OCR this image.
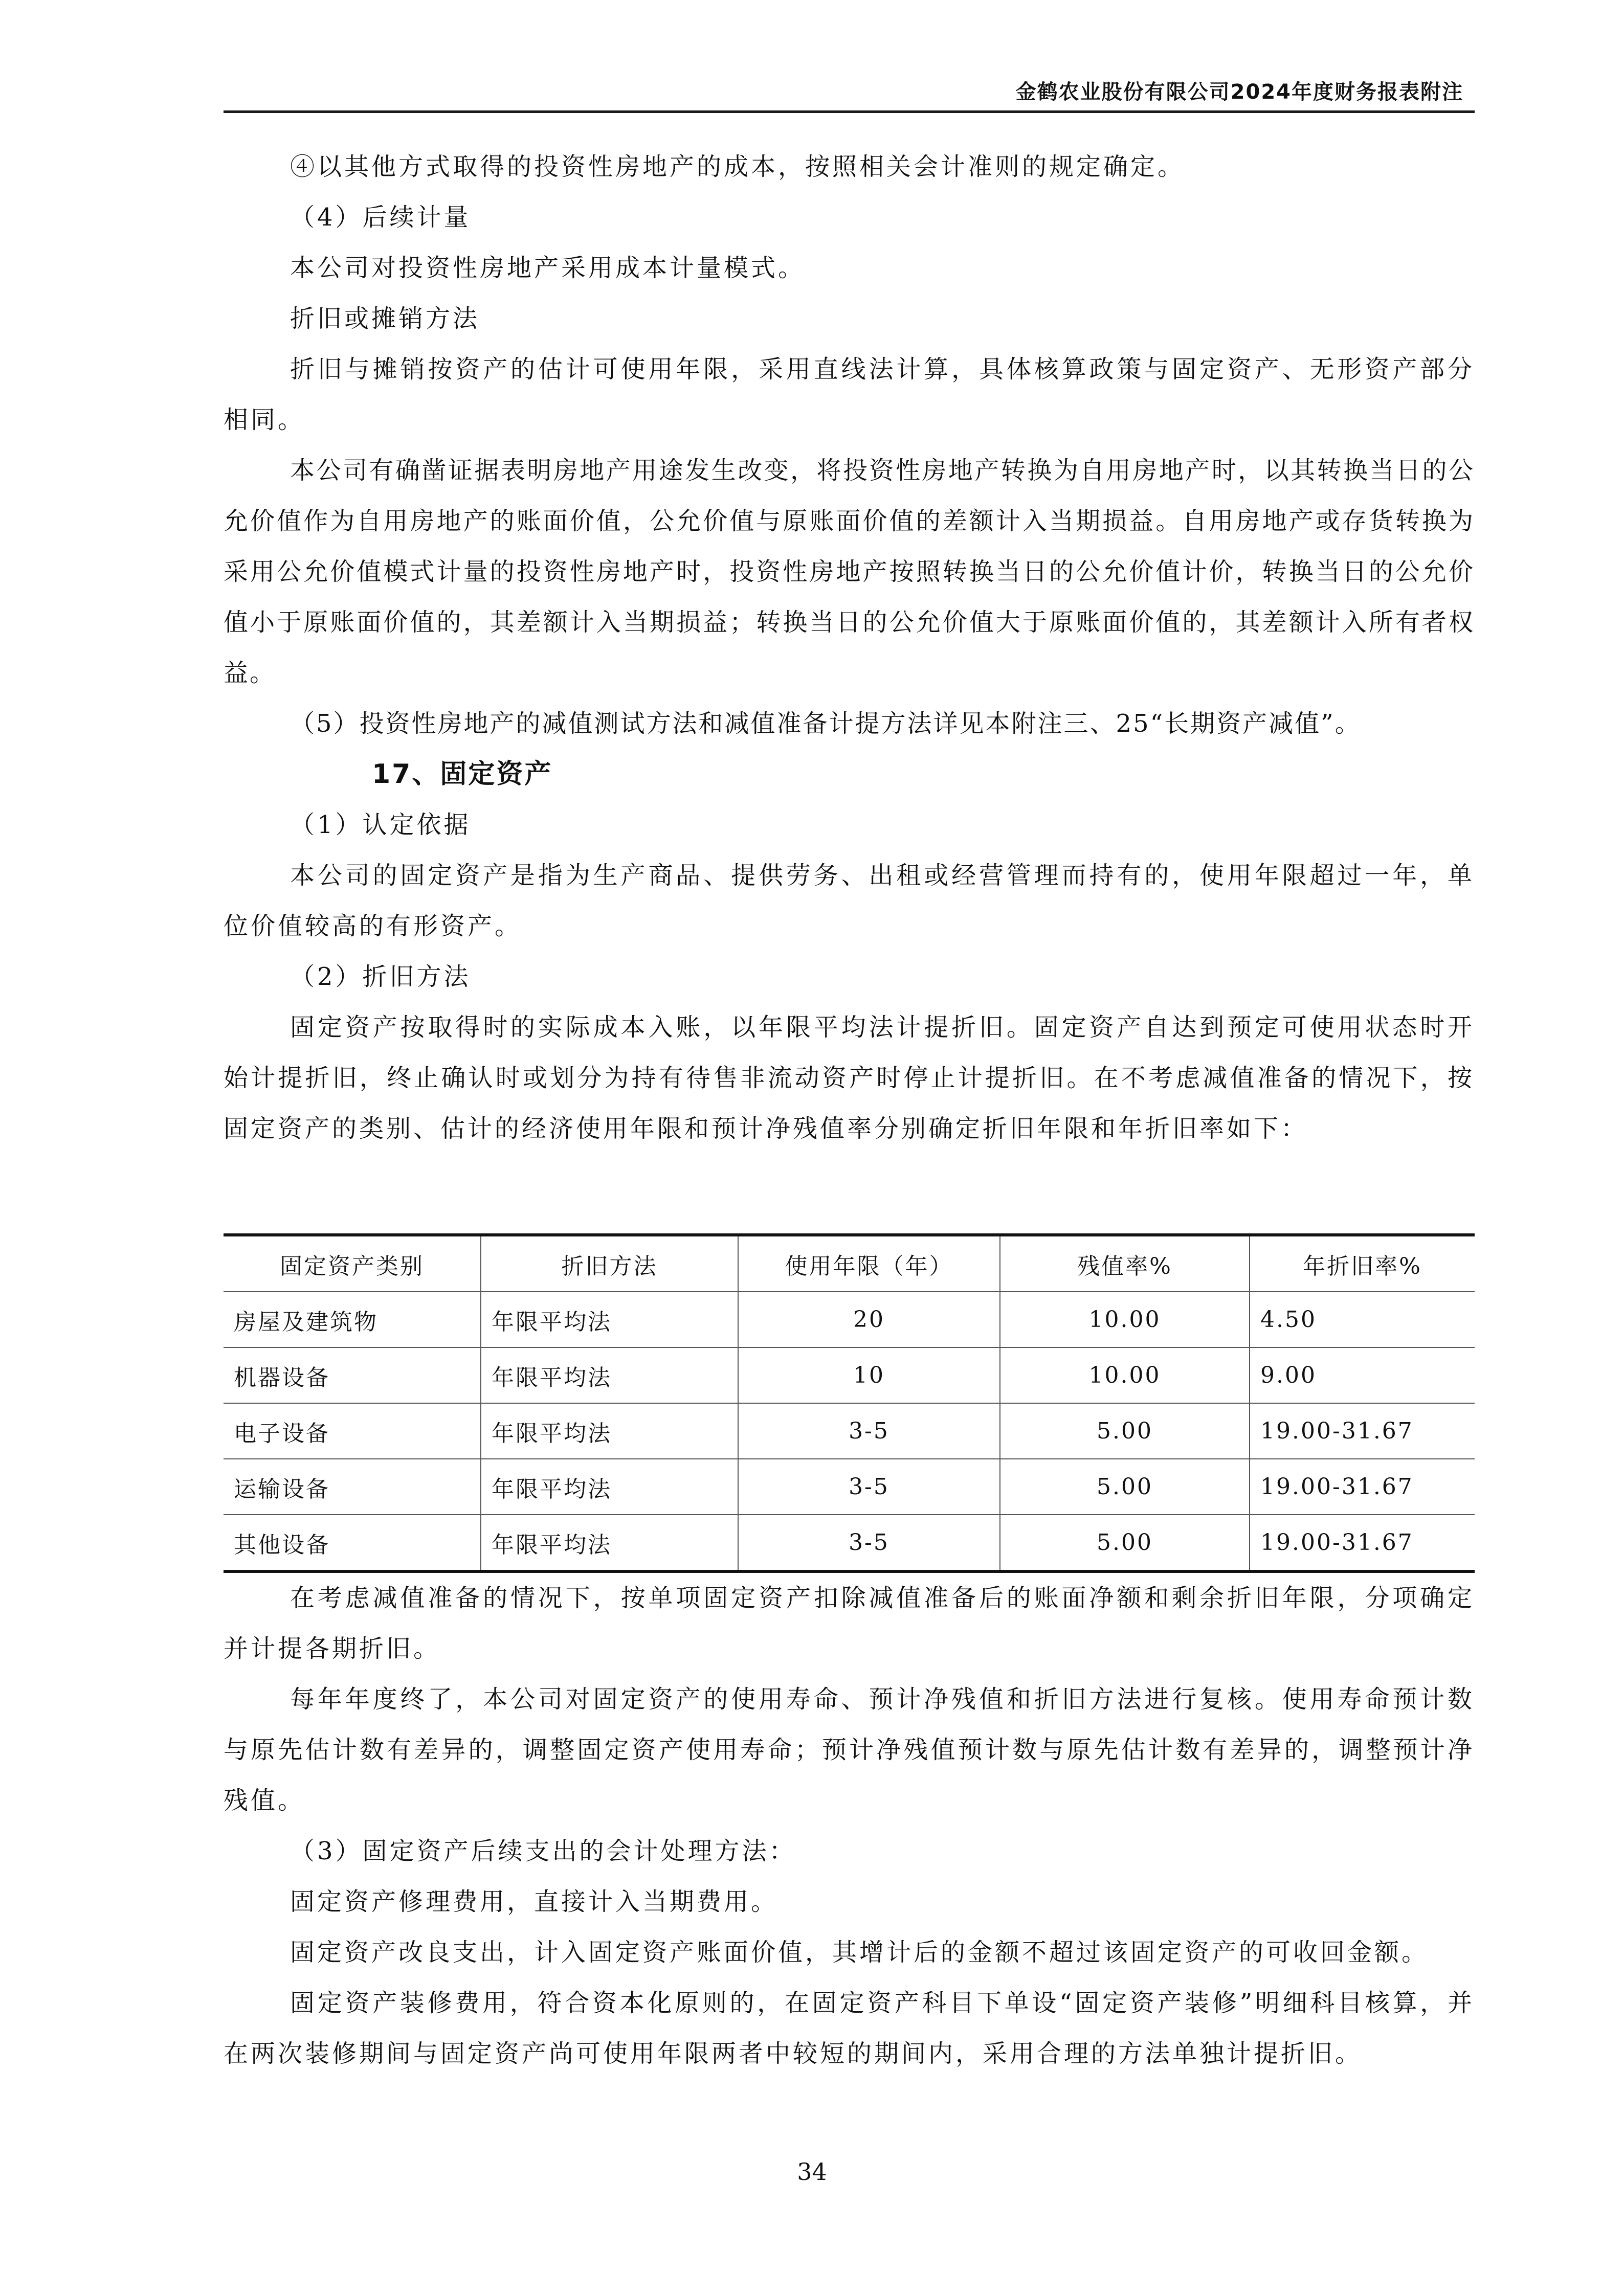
金鹤农业股份有限公司2024年度财务报表附注

④以其他方式取得的投资性房地产的成本，按照相关会计准则的规定确定。

（4）后续计量

本公司对投资性房地产采用成本计量模式。

折旧或摊销方法

折旧与摊销按资产的估计可使用年限，采用直线法计算，具体核算政策与固定资产、无形资产部分相同。

本公司有确凿证据表明房地产用途发生改变，将投资性房地产转换为自用房地产时，以其转换当日的公允价值作为自用房地产的账面价值，公允价值与原账面价值的差额计入当期损益。自用房地产或存货转换为采用公允价值模式计量的投资性房地产时，投资性房地产按照转换当日的公允价值计价，转换当日的公允价值小于原账面价值的，其差额计入当期损益；转换当日的公允价值大于原账面价值的，其差额计入所有者权益。

（5）投资性房地产的减值测试方法和减值准备计提方法详见本附注三、25“长期资产减值”。

17、固定资产

（1）认定依据

本公司的固定资产是指为生产商品、提供劳务、出租或经营管理而持有的，使用年限超过一年，单位价值较高的有形资产。

（2）折旧方法

固定资产按取得时的实际成本入账，以年限平均法计提折旧。固定资产自达到预定可使用状态时开始计提折旧，终止确认时或划分为持有待售非流动资产时停止计提折旧。在不考虑减值准备的情况下，按固定资产的类别、估计的经济使用年限和预计净残值率分别确定折旧年限和年折旧率如下：

固定资产类别	折旧方法	使用年限（年）	残值率%	年折旧率%
房屋及建筑物	年限平均法	20	10.00	4.50
机器设备	年限平均法	10	10.00	9.00
电子设备	年限平均法	3-5	5.00	19.00-31.67
运输设备	年限平均法	3-5	5.00	19.00-31.67
其他设备	年限平均法	3-5	5.00	19.00-31.67

在考虑减值准备的情况下，按单项固定资产扣除减值准备后的账面净额和剩余折旧年限，分项确定并计提各期折旧。

每年年度终了，本公司对固定资产的使用寿命、预计净残值和折旧方法进行复核。使用寿命预计数与原先估计数有差异的，调整固定资产使用寿命；预计净残值预计数与原先估计数有差异的，调整预计净残值。

（3）固定资产后续支出的会计处理方法：

固定资产修理费用，直接计入当期费用。

固定资产改良支出，计入固定资产账面价值，其增计后的金额不超过该固定资产的可收回金额。

固定资产装修费用，符合资本化原则的，在固定资产科目下单设“固定资产装修”明细科目核算，并在两次装修期间与固定资产尚可使用年限两者中较短的期间内，采用合理的方法单独计提折旧。

34
